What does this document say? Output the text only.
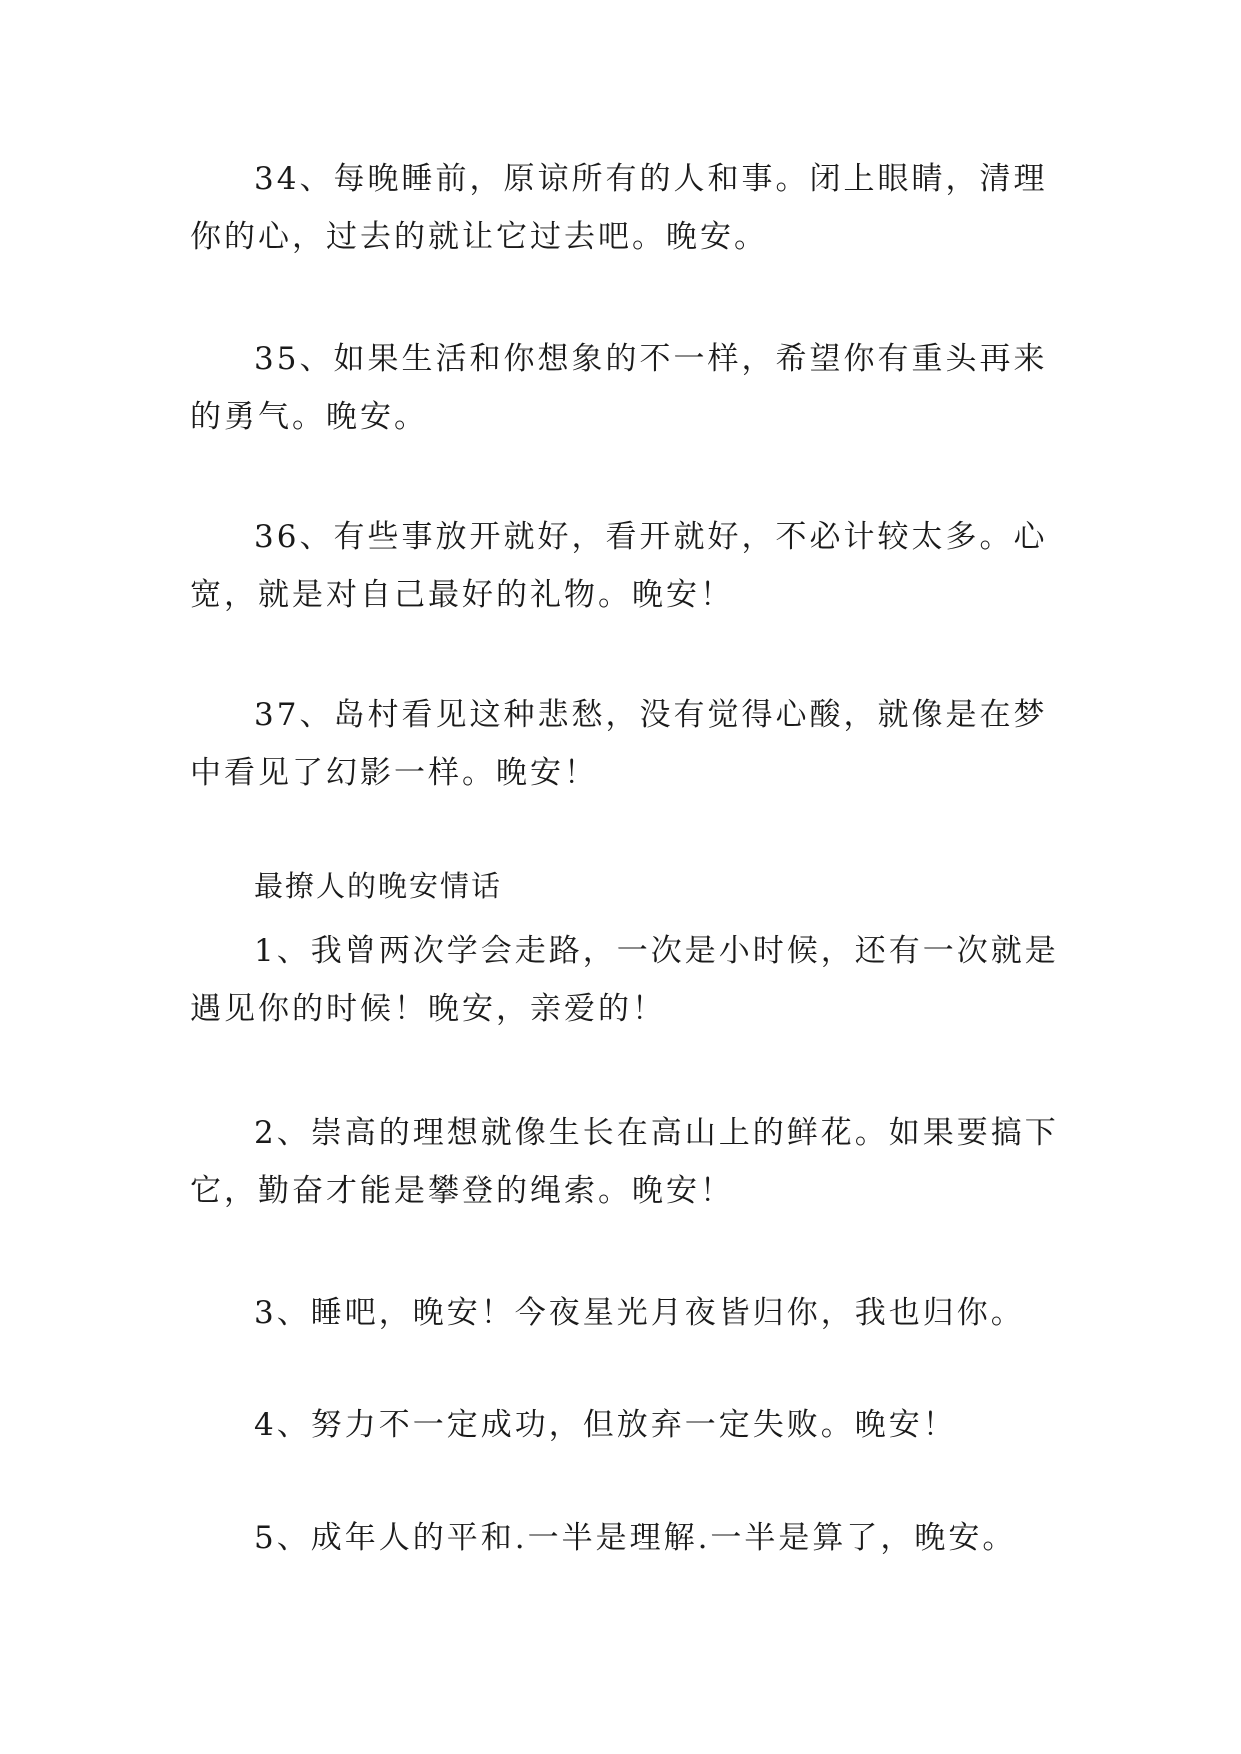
34、每晚睡前，原谅所有的人和事。闭上眼睛，清理你的心，过去的就让它过去吧。晚安。

35、如果生活和你想象的不一样，希望你有重头再来的勇气。晚安。

36、有些事放开就好，看开就好，不必计较太多。心宽，就是对自己最好的礼物。晚安！

37、岛村看见这种悲愁，没有觉得心酸，就像是在梦中看见了幻影一样。晚安！

最撩人的晚安情话

1、我曾两次学会走路，一次是小时候，还有一次就是遇见你的时候！晚安，亲爱的！

2、崇高的理想就像生长在高山上的鲜花。如果要搞下它，勤奋才能是攀登的绳索。晚安！

3、睡吧，晚安！今夜星光月夜皆归你，我也归你。

4、努力不一定成功，但放弃一定失败。晚安！

5、成年人的平和.一半是理解.一半是算了，晚安。
